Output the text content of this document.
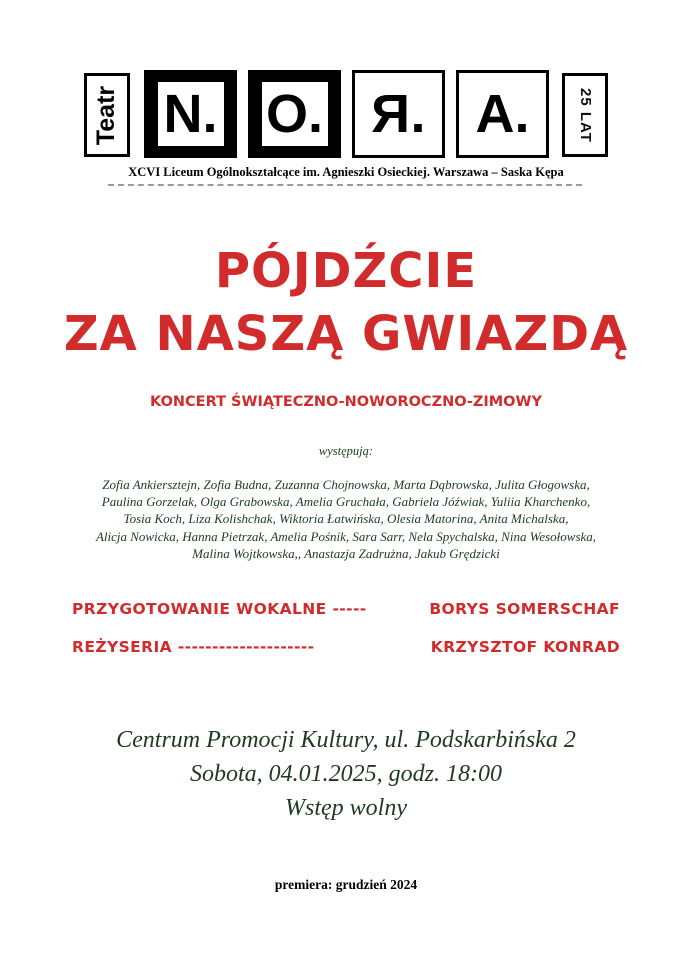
Teatr N . O . R . A .	25 LAT
XCVI Liceum Ogólnokształcące im. Agnieszki Osieckiej. Warszawa – Saska Kępa
PÓJDŹCIE
ZA NASZĄ GWIAZDĄ
KONCERT ŚWIĄTECZNO-NOWOROCZNO-ZIMOWY
występują:
Zofia Ankiersztejn, Zofia Budna, Zuzanna Chojnowska, Marta Dąbrowska, Julita Głogowska,
Paulina Gorzelak, Olga Grabowska, Amelia Gruchała, Gabriela Jóźwiak, Yuliia Kharchenko,
Tosia Koch, Liza Kolishchak, Wiktoria Łatwińska, Olesia Matorina, Anita Michalska,
Alicja Nowicka, Hanna Pietrzak, Amelia Pośnik, Sara Sarr, Nela Spychalska, Nina Wesołowska,
Malina Wojtkowska,, Anastazja Zadrużna, Jakub Grędzicki
PRZYGOTOWANIE WOKALNE -----	BORYS SOMERSCHAF
REŻYSERIA --------------------	KRZYSZTOF KONRAD
Centrum Promocji Kultury, ul. Podskarbińska 2
Sobota, 04.01.2025, godz. 18:00
Wstęp wolny
premiera: grudzień 2024
